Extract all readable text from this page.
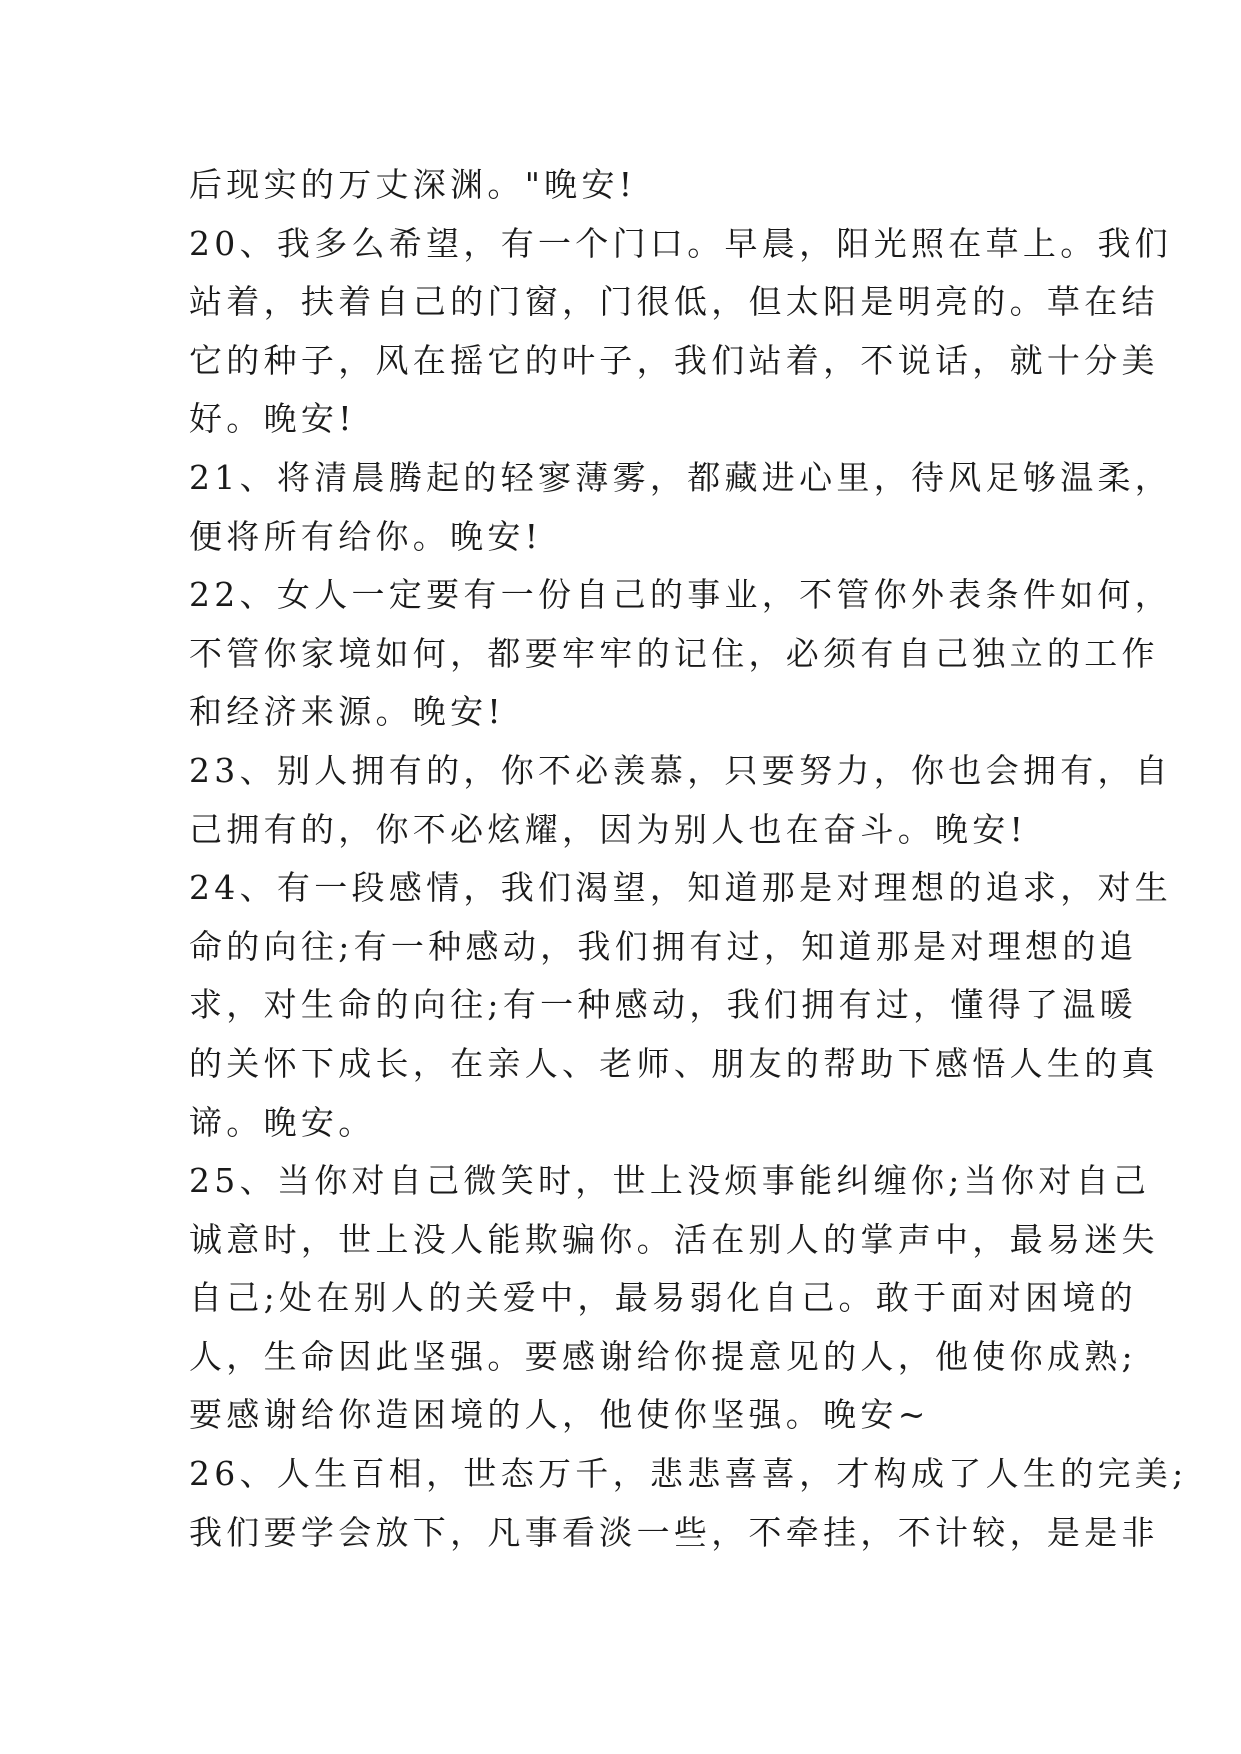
后现实的万丈深渊。"晚安!
20、我多么希望，有一个门口。早晨，阳光照在草上。我们
站着，扶着自己的门窗，门很低，但太阳是明亮的。草在结
它的种子，风在摇它的叶子，我们站着，不说话，就十分美
好。晚安!
21、将清晨腾起的轻寥薄雾，都藏进心里，待风足够温柔，
便将所有给你。晚安!
22、女人一定要有一份自己的事业，不管你外表条件如何，
不管你家境如何，都要牢牢的记住，必须有自己独立的工作
和经济来源。晚安!
23、别人拥有的，你不必羡慕，只要努力，你也会拥有，自
己拥有的，你不必炫耀，因为别人也在奋斗。晚安!
24、有一段感情，我们渴望，知道那是对理想的追求，对生
命的向往;有一种感动，我们拥有过，知道那是对理想的追
求，对生命的向往;有一种感动，我们拥有过，懂得了温暖
的关怀下成长，在亲人、老师、朋友的帮助下感悟人生的真
谛。晚安。
25、当你对自己微笑时，世上没烦事能纠缠你;当你对自己
诚意时，世上没人能欺骗你。活在别人的掌声中，最易迷失
自己;处在别人的关爱中，最易弱化自己。敢于面对困境的
人，生命因此坚强。要感谢给你提意见的人，他使你成熟;
要感谢给你造困境的人，他使你坚强。晚安~
26、人生百相，世态万千，悲悲喜喜，才构成了人生的完美;
我们要学会放下，凡事看淡一些，不牵挂，不计较，是是非
